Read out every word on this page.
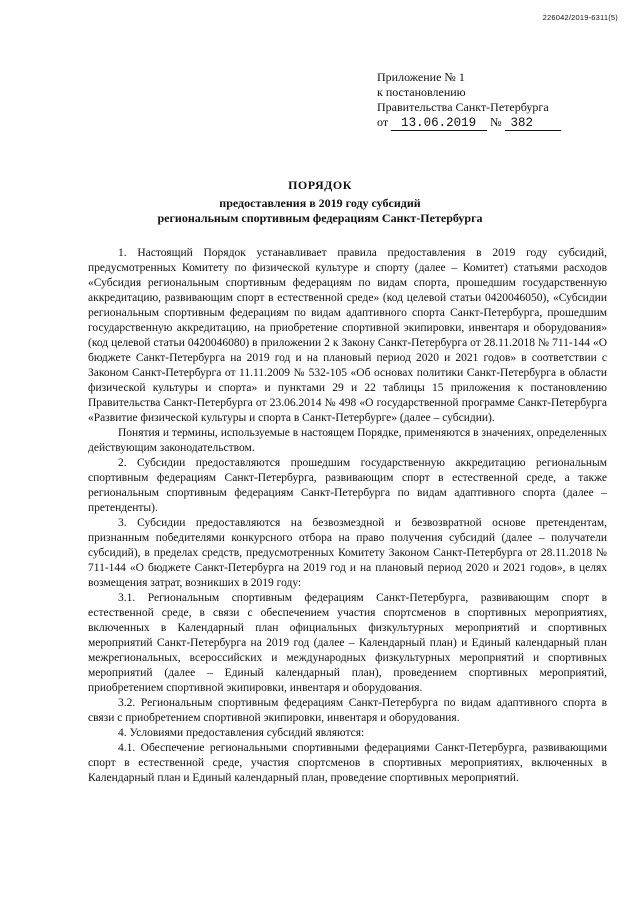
226042/2019-6311(5)
Приложение № 1
к постановлению
Правительства Санкт-Петербурга
от 13.06.2019 № 382
ПОРЯДОК
предоставления в 2019 году субсидий
региональным спортивным федерациям Санкт-Петербурга

1. Настоящий Порядок устанавливает правила предоставления в 2019 году субсидий, предусмотренных Комитету по физической культуре и спорту (далее – Комитет) статьями расходов «Субсидия региональным спортивным федерациям по видам спорта, прошедшим государственную аккредитацию, развивающим спорт в естественной среде» (код целевой статьи 0420046050), «Субсидии региональным спортивным федерациям по видам адаптивного спорта Санкт-Петербурга, прошедшим государственную аккредитацию, на приобретение спортивной экипировки, инвентаря и оборудования» (код целевой статьи 0420046080) в приложении 2 к Закону Санкт-Петербурга от 28.11.2018 № 711-144 «О бюджете Санкт-Петербурга на 2019 год и на плановый период 2020 и 2021 годов» в соответствии с Законом Санкт-Петербурга от 11.11.2009 № 532-105 «Об основах политики Санкт-Петербурга в области физической культуры и спорта» и пунктами 29 и 22 таблицы 15 приложения к постановлению Правительства Санкт-Петербурга от 23.06.2014 № 498 «О государственной программе Санкт-Петербурга «Развитие физической культуры и спорта в Санкт-Петербурге» (далее – субсидии).

Понятия и термины, используемые в настоящем Порядке, применяются в значениях, определенных действующим законодательством.

2. Субсидии предоставляются прошедшим государственную аккредитацию региональным спортивным федерациям Санкт-Петербурга, развивающим спорт в естественной среде, а также региональным спортивным федерациям Санкт-Петербурга по видам адаптивного спорта (далее – претенденты).

3. Субсидии предоставляются на безвозмездной и безвозвратной основе претендентам, признанным победителями конкурсного отбора на право получения субсидий (далее – получатели субсидий), в пределах средств, предусмотренных Комитету Законом Санкт-Петербурга от 28.11.2018 № 711-144 «О бюджете Санкт-Петербурга на 2019 год и на плановый период 2020 и 2021 годов», в целях возмещения затрат, возникших в 2019 году:

3.1. Региональным спортивным федерациям Санкт-Петербурга, развивающим спорт в естественной среде, в связи с обеспечением участия спортсменов в спортивных мероприятиях, включенных в Календарный план официальных физкультурных мероприятий и спортивных мероприятий Санкт-Петербурга на 2019 год (далее – Календарный план) и Единый календарный план межрегиональных, всероссийских и международных физкультурных мероприятий и спортивных мероприятий (далее – Единый календарный план), проведением спортивных мероприятий, приобретением спортивной экипировки, инвентаря и оборудования.

3.2. Региональным спортивным федерациям Санкт-Петербурга по видам адаптивного спорта в связи с приобретением спортивной экипировки, инвентаря и оборудования.

4. Условиями предоставления субсидий являются:

4.1. Обеспечение региональными спортивными федерациями Санкт-Петербурга, развивающими спорт в естественной среде, участия спортсменов в спортивных мероприятиях, включенных в Календарный план и Единый календарный план, проведение спортивных мероприятий.
